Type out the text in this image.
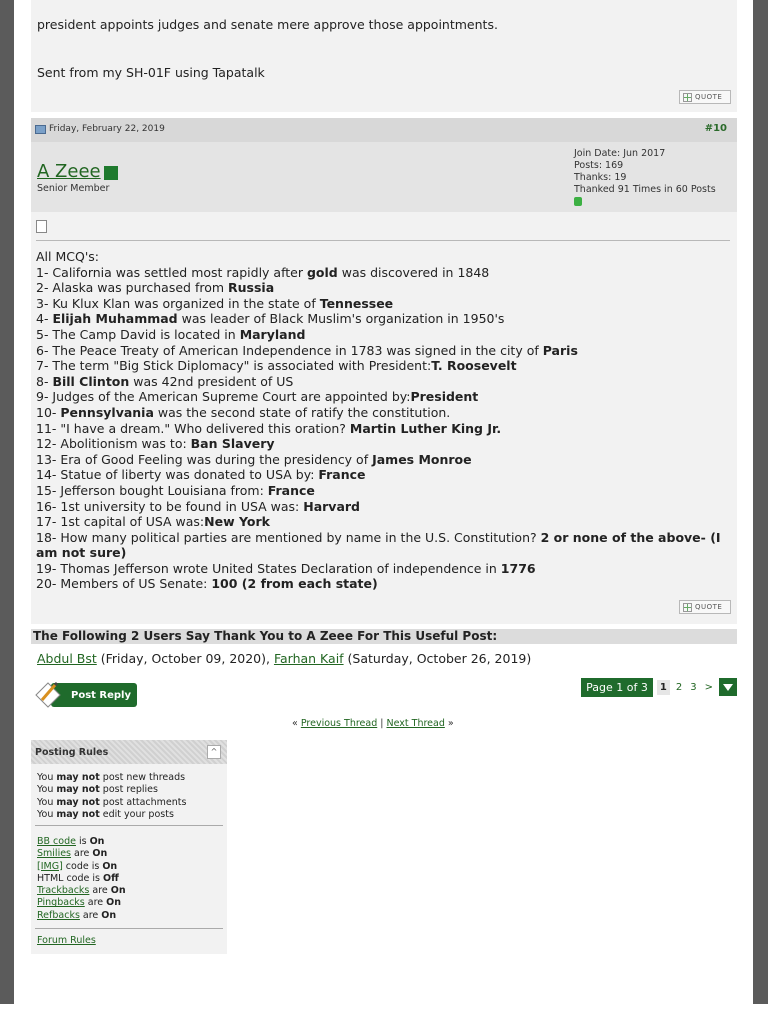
president appoints judges and senate mere approve those appointments.
Sent from my SH-01F using Tapatalk
QUOTE
Friday, February 22, 2019	#10
A Zeee
Senior Member
Join Date: Jun 2017
Posts: 169
Thanks: 19
Thanked 91 Times in 60 Posts
All MCQ's:
1- California was settled most rapidly after gold was discovered in 1848
2- Alaska was purchased from Russia
3- Ku Klux Klan was organized in the state of Tennessee
4- Elijah Muhammad was leader of Black Muslim's organization in 1950's
5- The Camp David is located in Maryland
6- The Peace Treaty of American Independence in 1783 was signed in the city of Paris
7- The term "Big Stick Diplomacy" is associated with President:T. Roosevelt
8- Bill Clinton was 42nd president of US
9- Judges of the American Supreme Court are appointed by:President
10- Pennsylvania was the second state of ratify the constitution.
11- "I have a dream." Who delivered this oration? Martin Luther King Jr.
12- Abolitionism was to: Ban Slavery
13- Era of Good Feeling was during the presidency of James Monroe
14- Statue of liberty was donated to USA by: France
15- Jefferson bought Louisiana from: France
16- 1st university to be found in USA was: Harvard
17- 1st capital of USA was:New York
18- How many political parties are mentioned by name in the U.S. Constitution? 2 or none of the above- (I am not sure)
19- Thomas Jefferson wrote United States Declaration of independence in 1776
20- Members of US Senate: 100 (2 from each state)
QUOTE
The Following 2 Users Say Thank You to A Zeee For This Useful Post:
Abdul Bst (Friday, October 09, 2020), Farhan Kaif (Saturday, October 26, 2019)
Post Reply
Page 1 of 3	1 2 3 >
« Previous Thread | Next Thread »
Posting Rules	^
You may not post new threads
You may not post replies
You may not post attachments
You may not edit your posts
BB code is On
Smilies are On
[IMG] code is On
HTML code is Off
Trackbacks are On
Pingbacks are On
Refbacks are On
Forum Rules
